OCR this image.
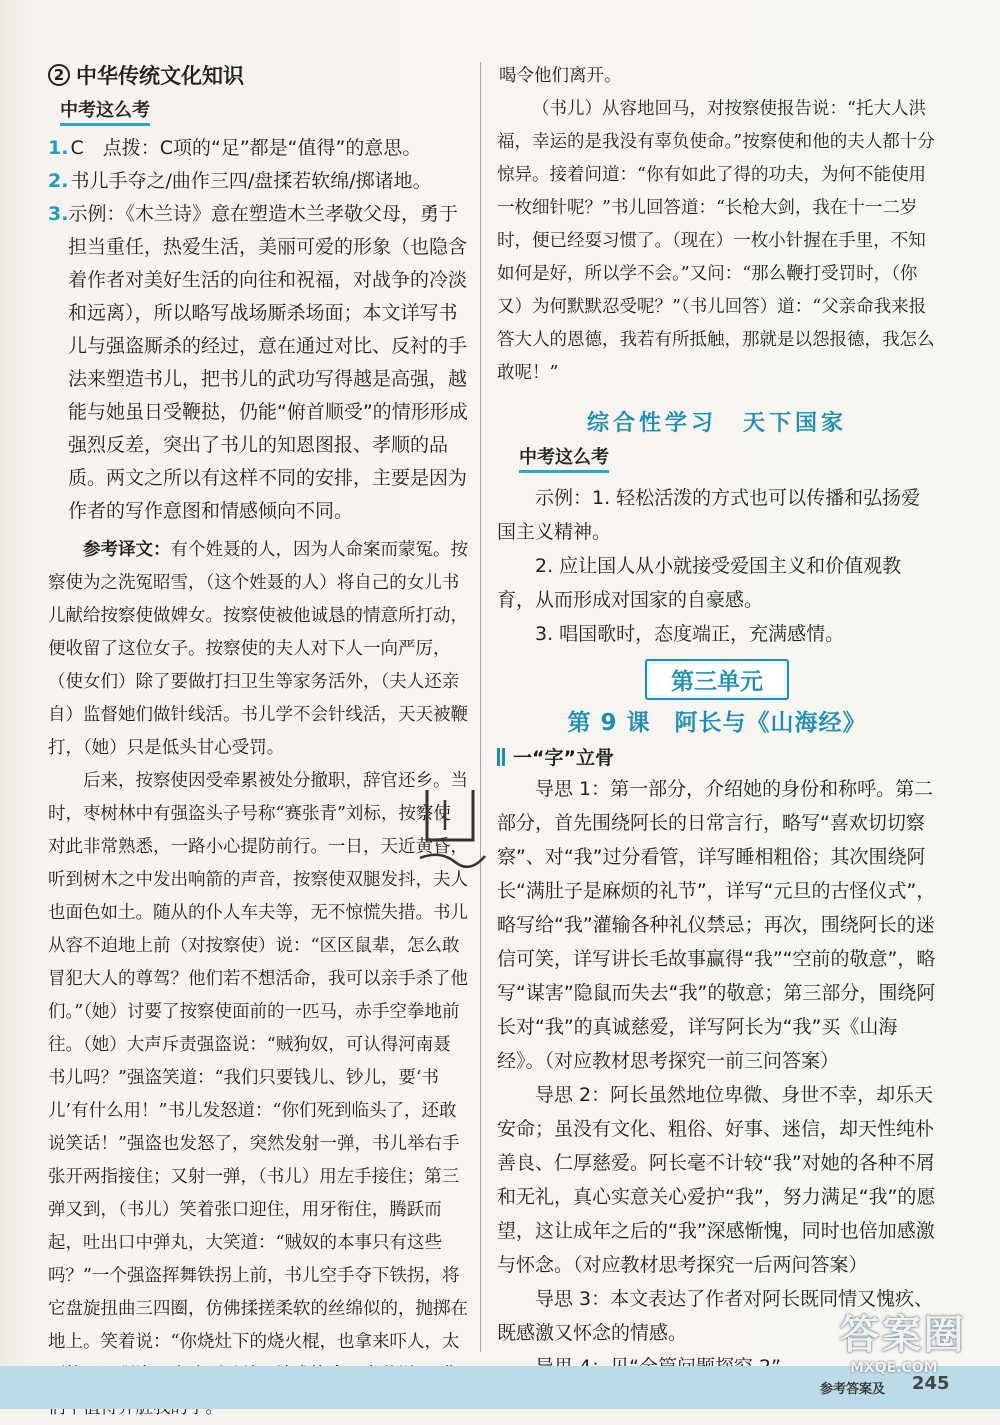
2 中华传统文化知识
中考这么考
1. C　点拨：C项的“足”都是“值得”的意思。
2. 书儿手夺之/曲作三四/盘揉若软绵/掷诸地。
3.示例：《木兰诗》意在塑造木兰孝敬父母，勇于担当重任，热爱生活，美丽可爱的形象（也隐含着作者对美好生活的向往和祝福，对战争的冷淡和远离），所以略写战场厮杀场面；本文详写书儿与强盗厮杀的经过，意在通过对比、反衬的手法来塑造书儿，把书儿的武功写得越是高强，越能与她虽日受鞭挞，仍能“俯首顺受”的情形形成强烈反差，突出了书儿的知恩图报、孝顺的品质。两文之所以有这样不同的安排，主要是因为作者的写作意图和情感倾向不同。
参考译文：有个姓聂的人，因为人命案而蒙冤。按察使为之洗冤昭雪，（这个姓聂的人）将自己的女儿书儿献给按察使做婢女。按察使被他诚恳的情意所打动，便收留了这位女子。按察使的夫人对下人一向严厉，（使女们）除了要做打扫卫生等家务活外，（夫人还亲自）监督她们做针线活。书儿学不会针线活，天天被鞭打，（她）只是低头甘心受罚。
后来，按察使因受牵累被处分撤职，辞官还乡。当时，枣树林中有强盗头子号称“赛张青”刘标，按察使对此非常熟悉，一路小心提防前行。一日，天近黄昏，听到树木之中发出响箭的声音，按察使双腿发抖，夫人也面色如土。随从的仆人车夫等，无不惊慌失措。书儿从容不迫地上前（对按察使）说：“区区鼠辈，怎么敢冒犯大人的尊驾？他们若不想活命，我可以亲手杀了他们。”（她）讨要了按察使面前的一匹马，赤手空拳地前往。（她）大声斥责强盗说：“贼狗奴，可认得河南聂书儿吗？”强盗笑道：“我们只要钱儿、钞儿，要‘书儿’有什么用！”书儿发怒道：“你们死到临头了，还敢说笑话！”强盗也发怒了，突然发射一弹，书儿举右手张开两指接住；又射一弹，（书儿）用左手接住；第三弹又到，（书儿）笑着张口迎住，用牙衔住，腾跃而起，吐出口中弹丸，大笑道：“贼奴的本事只有这些吗？”一个强盗挥舞铁拐上前，书儿空手夺下铁拐，将它盘旋扭曲三四圈，仿佛揉搓柔软的丝绵似的，抛掷在地上。笑着说：“你烧灶下的烧火棍，也拿来吓人，太
喝令他们离开。
（书儿）从容地回马，对按察使报告说：“托大人洪福，幸运的是我没有辜负使命。”按察使和他的夫人都十分惊异。接着问道：“你有如此了得的功夫，为何不能使用一枚细针呢？”书儿回答道：“长枪大剑，我在十一二岁时，便已经耍习惯了。（现在）一枚小针握在手里，不知如何是好，所以学不会。”又问：“那么鞭打受罚时，（你又）为何默默忍受呢？”（书儿回答）道：“父亲命我来报答大人的恩德，我若有所抵触，那就是以怨报德，我怎么敢呢！”
综合性学习　天下国家
中考这么考
示例：1. 轻松活泼的方式也可以传播和弘扬爱国主义精神。
2. 应让国人从小就接受爱国主义和价值观教育，从而形成对国家的自豪感。
3. 唱国歌时，态度端正，充满感情。
第三单元
第 9 课　阿长与《山海经》
一“字”立骨
导思 1：第一部分，介绍她的身份和称呼。第二部分，首先围绕阿长的日常言行，略写“喜欢切切察察”、对“我”过分看管，详写睡相粗俗；其次围绕阿长“满肚子是麻烦的礼节”，详写“元旦的古怪仪式”，略写给“我”灌输各种礼仪禁忌；再次，围绕阿长的迷信可笑，详写讲长毛故事赢得“我”“空前的敬意”，略写“谋害”隐鼠而失去“我”的敬意；第三部分，围绕阿长对“我”的真诚慈爱，详写阿长为“我”买《山海经》。（对应教材思考探究一前三问答案）
导思 2：阿长虽然地位卑微、身世不幸，却乐天安命；虽没有文化、粗俗、好事、迷信，却天性纯朴善良、仁厚慈爱。阿长毫不计较“我”对她的各种不屑和无礼，真心实意关心爱护“我”，努力满足“我”的愿望，这让成年之后的“我”深感惭愧，同时也倍加感激与怀念。（对应教材思考探究一后两问答案）
导思 3：本文表达了作者对阿长既同情又愧疚、既感激又怀念的情感。
参考答案及 245
答案圈
MXQE.COM
